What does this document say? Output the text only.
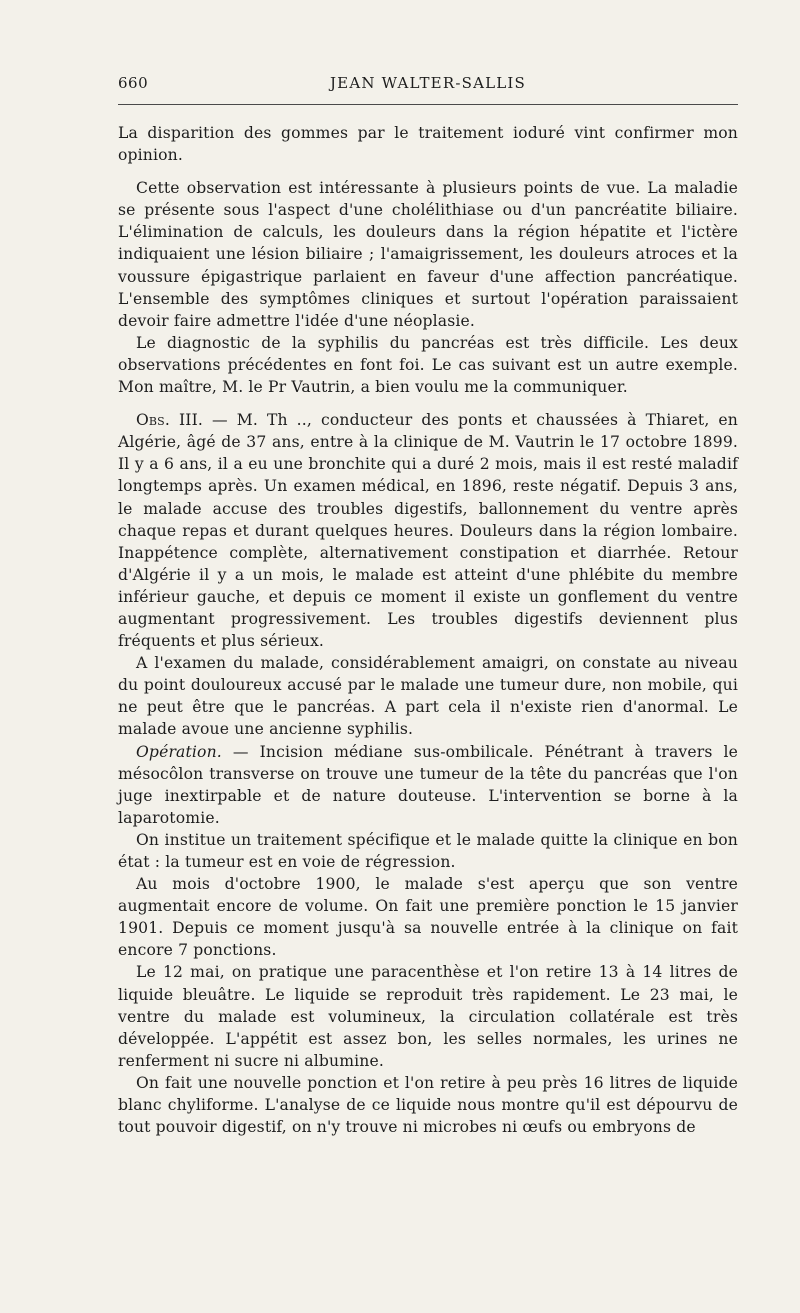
660	JEAN WALTER-SALLIS

La disparition des gommes par le traitement ioduré vint confirmer mon opinion.

Cette observation est intéressante à plusieurs points de vue. La maladie se présente sous l'aspect d'une cholélithiase ou d'un pancréatite biliaire. L'élimination de calculs, les douleurs dans la région hépatite et l'ictère indiquaient une lésion biliaire ; l'amaigrissement, les douleurs atroces et la voussure épigastrique parlaient en faveur d'une affection pancréatique. L'ensemble des symptômes cliniques et surtout l'opération paraissaient devoir faire admettre l'idée d'une néoplasie.

Le diagnostic de la syphilis du pancréas est très difficile. Les deux observations précédentes en font foi. Le cas suivant est un autre exemple. Mon maître, M. le Pr Vautrin, a bien voulu me la communiquer.

Obs. III. — M. Th .., conducteur des ponts et chaussées à Thiaret, en Algérie, âgé de 37 ans, entre à la clinique de M. Vautrin le 17 octobre 1899. Il y a 6 ans, il a eu une bronchite qui a duré 2 mois, mais il est resté maladif longtemps après. Un examen médical, en 1896, reste négatif. Depuis 3 ans, le malade accuse des troubles digestifs, ballonnement du ventre après chaque repas et durant quelques heures. Douleurs dans la région lombaire. Inappétence complète, alternativement constipation et diarrhée. Retour d'Algérie il y a un mois, le malade est atteint d'une phlébite du membre inférieur gauche, et depuis ce moment il existe un gonflement du ventre augmentant progressivement. Les troubles digestifs deviennent plus fréquents et plus sérieux.

A l'examen du malade, considérablement amaigri, on constate au niveau du point douloureux accusé par le malade une tumeur dure, non mobile, qui ne peut être que le pancréas. A part cela il n'existe rien d'anormal. Le malade avoue une ancienne syphilis.

Opération. — Incision médiane sus-ombilicale. Pénétrant à travers le mésocôlon transverse on trouve une tumeur de la tête du pancréas que l'on juge inextirpable et de nature douteuse. L'intervention se borne à la laparotomie.

On institue un traitement spécifique et le malade quitte la clinique en bon état : la tumeur est en voie de régression.

Au mois d'octobre 1900, le malade s'est aperçu que son ventre augmentait encore de volume. On fait une première ponction le 15 janvier 1901. Depuis ce moment jusqu'à sa nouvelle entrée à la clinique on fait encore 7 ponctions.

Le 12 mai, on pratique une paracenthèse et l'on retire 13 à 14 litres de liquide bleuâtre. Le liquide se reproduit très rapidement. Le 23 mai, le ventre du malade est volumineux, la circulation collatérale est très développée. L'appétit est assez bon, les selles normales, les urines ne renferment ni sucre ni albumine.

On fait une nouvelle ponction et l'on retire à peu près 16 litres de liquide blanc chyliforme. L'analyse de ce liquide nous montre qu'il est dépourvu de tout pouvoir digestif, on n'y trouve ni microbes ni œufs ou embryons de
